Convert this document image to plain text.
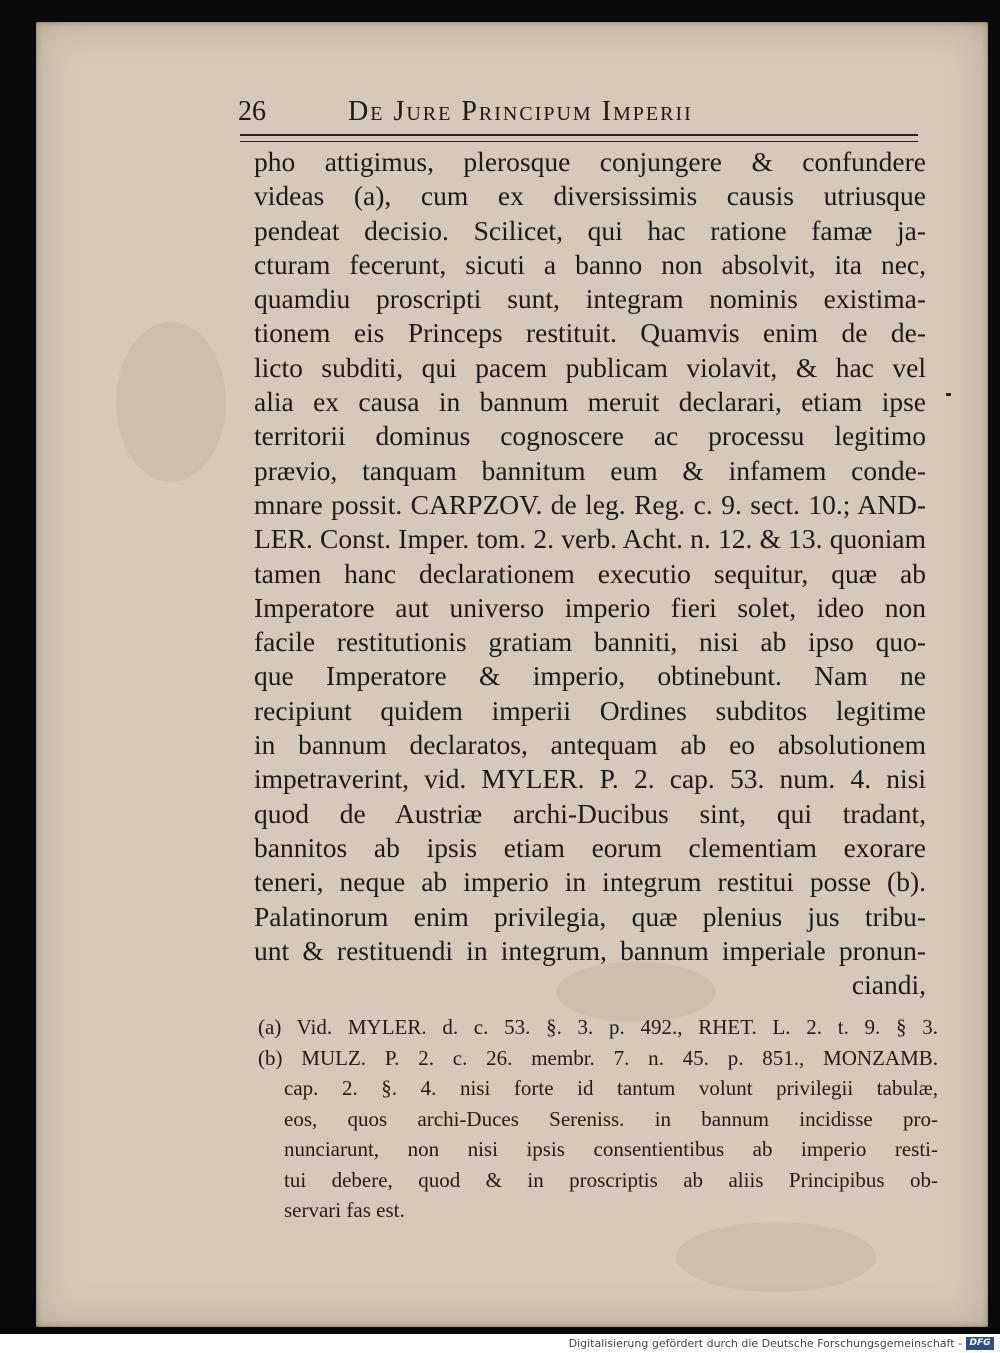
26	De Jure Principum Imperii
pho attigimus, plerosque conjungere & confundere
videas (a), cum ex diversissimis causis utriusque
pendeat decisio. Scilicet, qui hac ratione famæ ja-
cturam fecerunt, sicuti a banno non absolvit, ita nec,
quamdiu proscripti sunt, integram nominis existima-
tionem eis Princeps restituit. Quamvis enim de de-
licto subditi, qui pacem publicam violavit, & hac vel
alia ex causa in bannum meruit declarari, etiam ipse
territorii dominus cognoscere ac processu legitimo
prævio, tanquam bannitum eum & infamem conde-
mnare possit. CARPZOV. de leg. Reg. c. 9. sect. 10.; AND-
LER. Const. Imper. tom. 2. verb. Acht. n. 12. & 13. quoniam
tamen hanc declarationem executio sequitur, quæ ab
Imperatore aut universo imperio fieri solet, ideo non
facile restitutionis gratiam banniti, nisi ab ipso quo-
que Imperatore & imperio, obtinebunt. Nam ne
recipiunt quidem imperii Ordines subditos legitime
in bannum declaratos, antequam ab eo absolutionem
impetraverint, vid. MYLER. P. 2. cap. 53. num. 4. nisi
quod de Austriæ archi-Ducibus sint, qui tradant,
bannitos ab ipsis etiam eorum clementiam exorare
teneri, neque ab imperio in integrum restitui posse (b).
Palatinorum enim privilegia, quæ plenius jus tribu-
unt & restituendi in integrum, bannum imperiale pronun-
ciandi,
(a) Vid. MYLER. d. c. 53. §. 3. p. 492., RHET. L. 2. t. 9. § 3.
(b) MULZ. P. 2. c. 26. membr. 7. n. 45. p. 851., MONZAMB.
cap. 2. §. 4. nisi forte id tantum volunt privilegii tabulæ,
eos, quos archi-Duces Sereniss. in bannum incidisse pro-
nunciarunt, non nisi ipsis consentientibus ab imperio resti-
tui debere, quod & in proscriptis ab aliis Principibus ob-
servari fas est.
Digitalisierung gefördert durch die Deutsche Forschungsgemeinschaft - DFG
